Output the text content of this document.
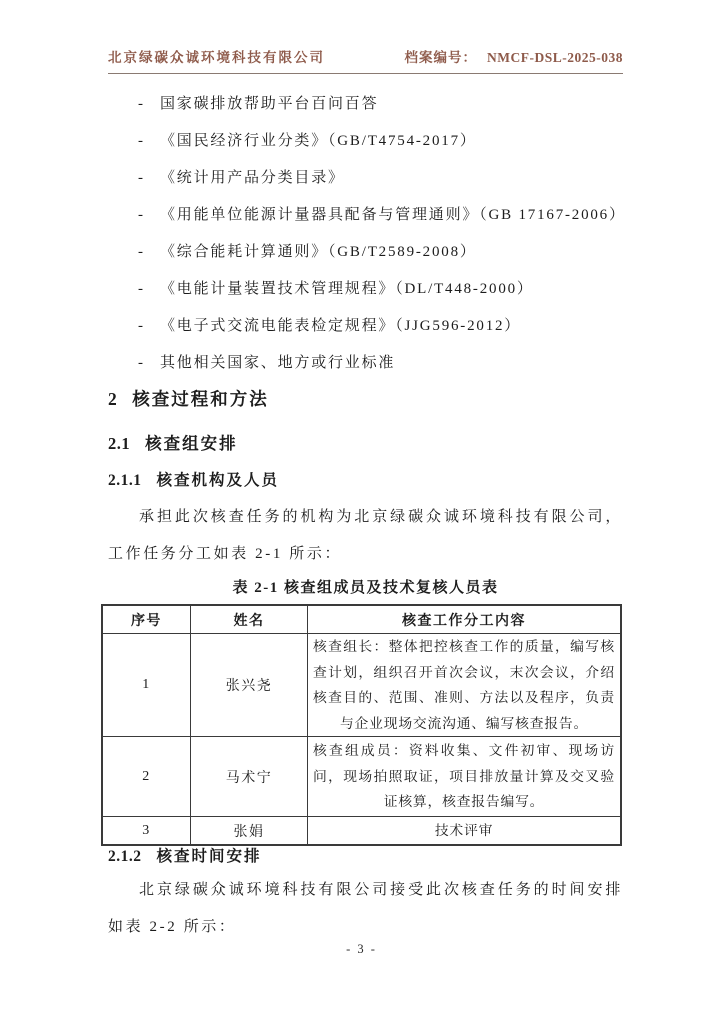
北京绿碳众诚环境科技有限公司	档案编号： NMCF-DSL-2025-038
- 国家碳排放帮助平台百问百答
- 《国民经济行业分类》（GB/T4754-2017）
- 《统计用产品分类目录》
- 《用能单位能源计量器具配备与管理通则》（GB 17167-2006）
- 《综合能耗计算通则》（GB/T2589-2008）
- 《电能计量装置技术管理规程》（DL/T448-2000）
- 《电子式交流电能表检定规程》（JJG596-2012）
- 其他相关国家、地方或行业标准
2 核查过程和方法
2.1 核查组安排
2.1.1 核查机构及人员
承担此次核查任务的机构为北京绿碳众诚环境科技有限公司，工作任务分工如表 2-1 所示：
表 2-1 核查组成员及技术复核人员表
序号	姓名	核查工作分工内容
1	张兴尧	核查组长：整体把控核查工作的质量，编写核查计划，组织召开首次会议，末次会议，介绍核查目的、范围、准则、方法以及程序，负责与企业现场交流沟通、编写核查报告。
2	马术宁	核查组成员：资料收集、文件初审、现场访问，现场拍照取证，项目排放量计算及交叉验证核算，核查报告编写。
3	张娟	技术评审
2.1.2 核查时间安排
北京绿碳众诚环境科技有限公司接受此次核查任务的时间安排如表 2-2 所示：
- 3 -
